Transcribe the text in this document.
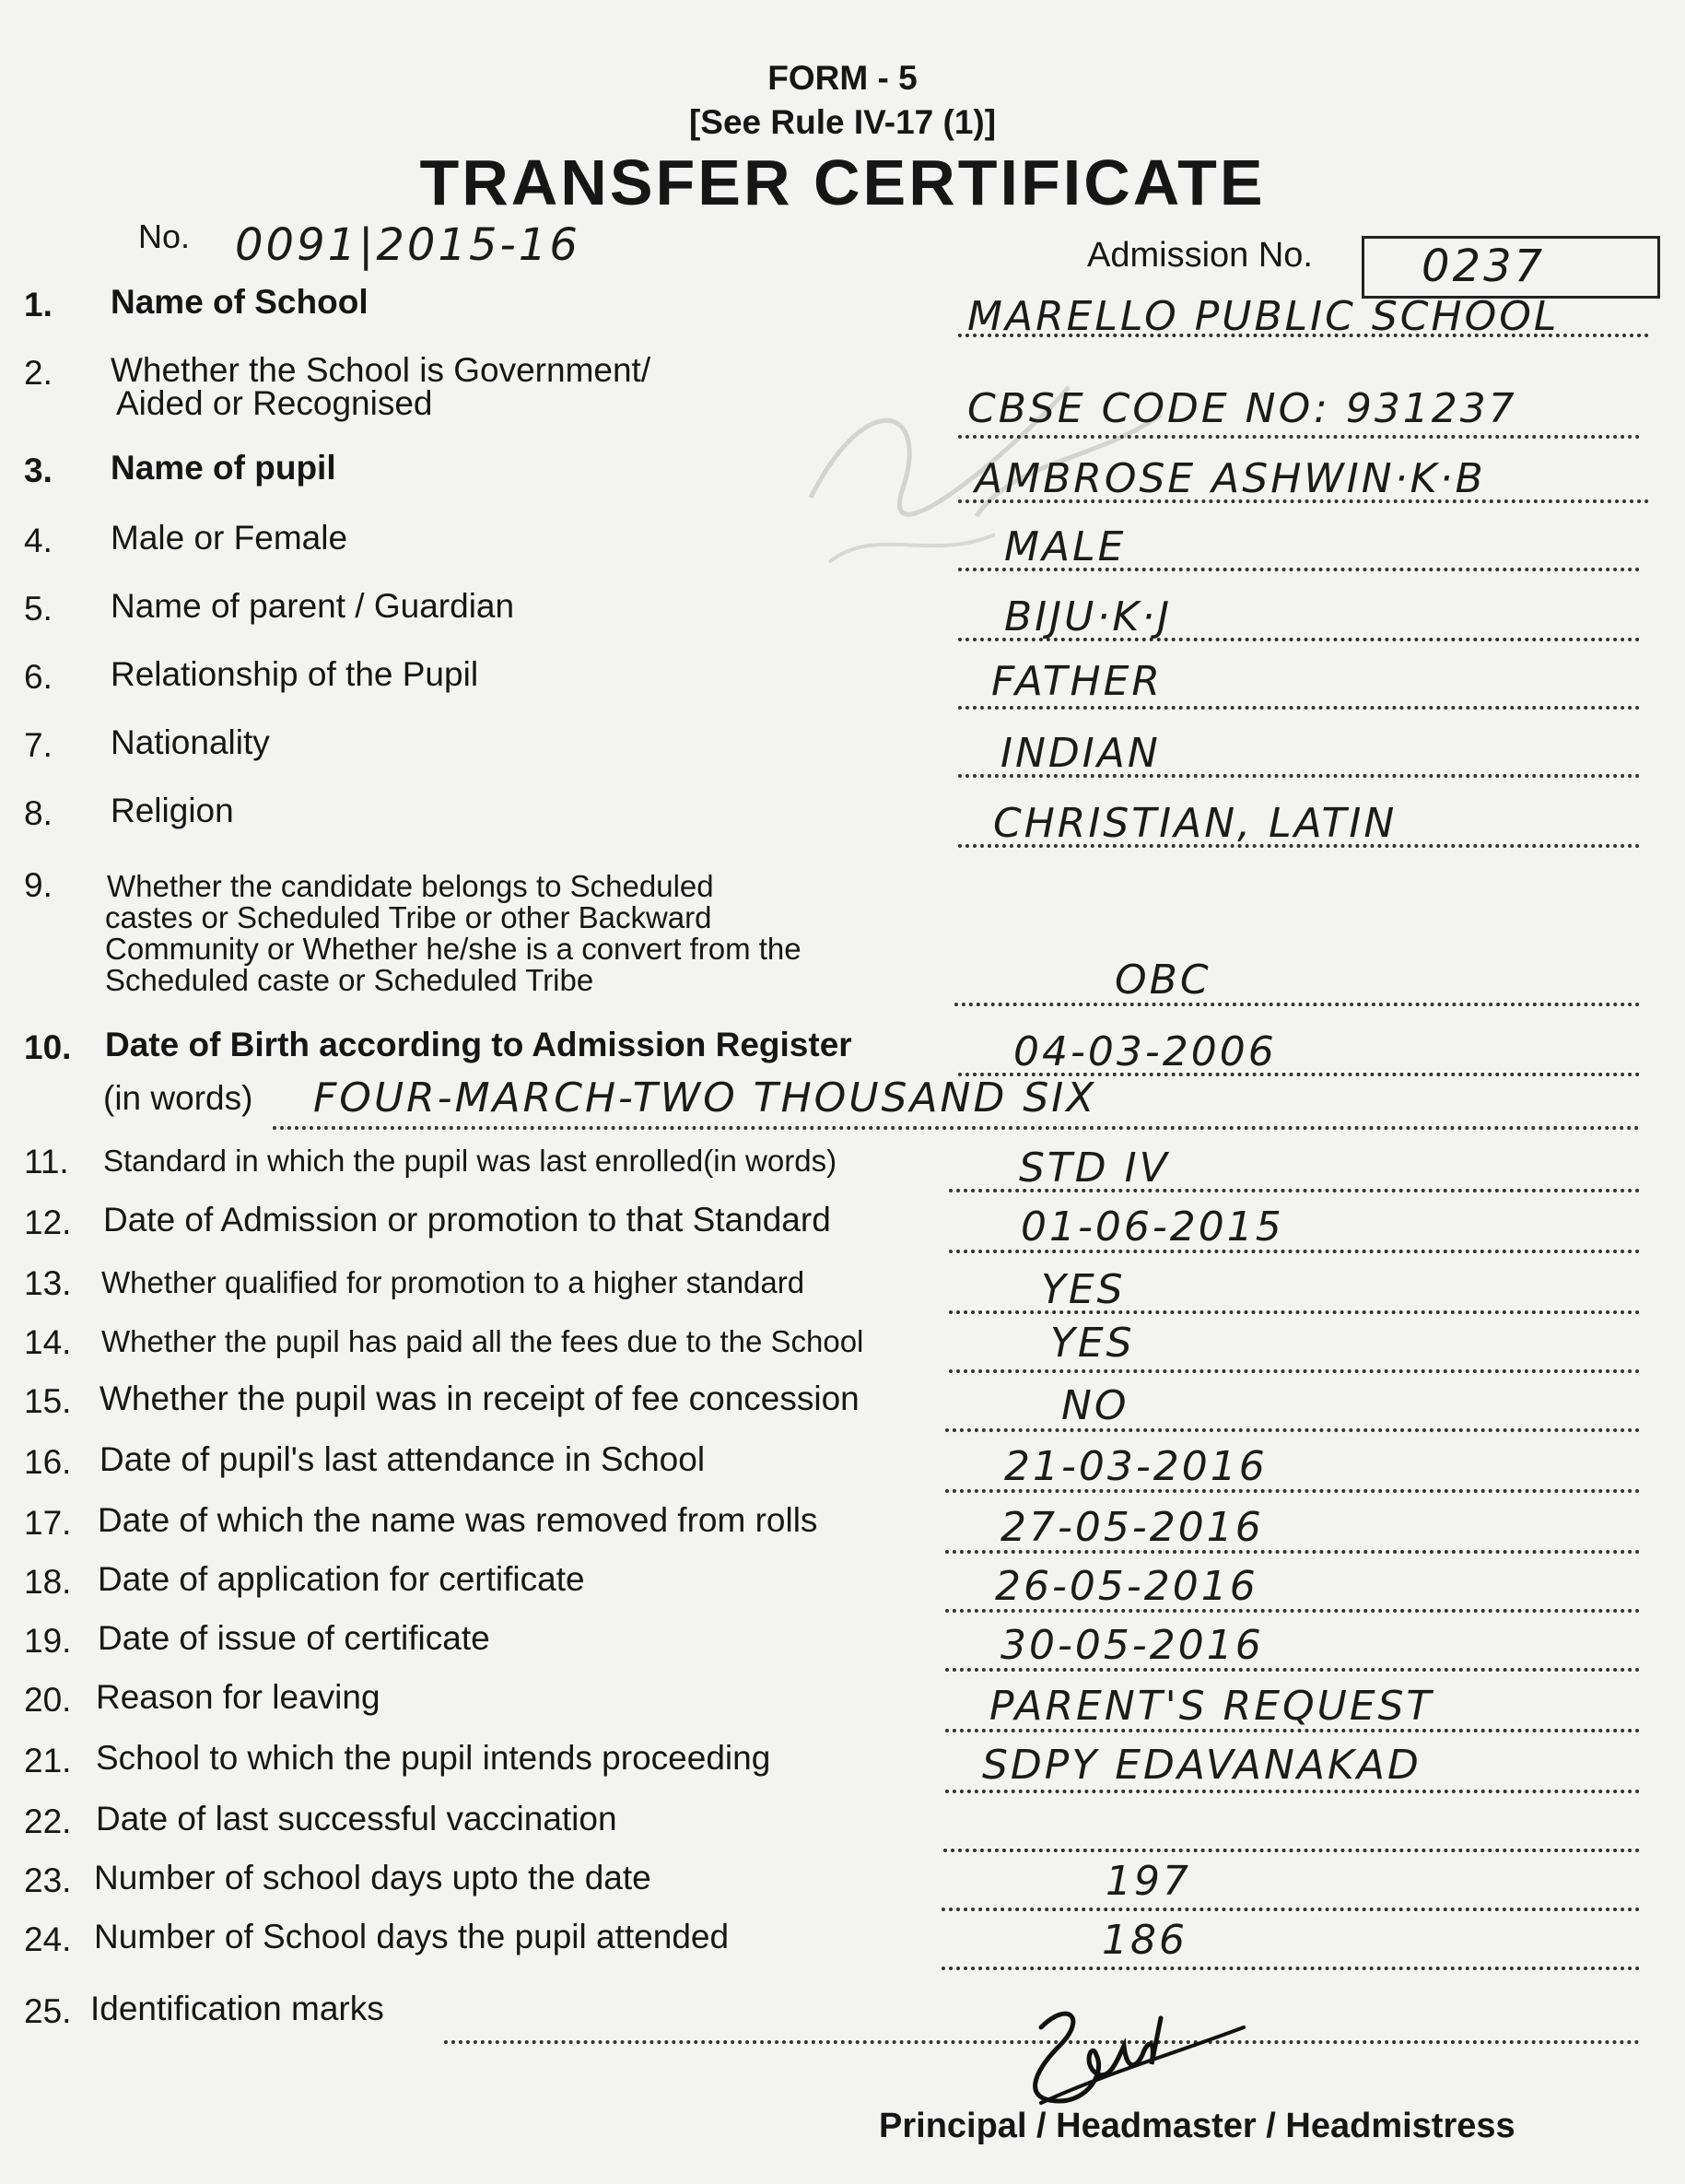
FORM - 5
[See Rule IV-17 (1)]
TRANSFER CERTIFICATE
No. 0091|2015-16	Admission No. 0237
1. Name of School	MARELLO PUBLIC SCHOOL
2. Whether the School is Government/
Aided or Recognised	CBSE CODE NO: 931237
3. Name of pupil	AMBROSE ASHWIN·K·B
4. Male or Female	MALE
5. Name of parent / Guardian	BIJU·K·J
6. Relationship of the Pupil	FATHER
7. Nationality	INDIAN
8. Religion	CHRISTIAN, LATIN
9. Whether the candidate belongs to Scheduled
castes or Scheduled Tribe or other Backward
Community or Whether he/she is a convert from the
Scheduled caste or Scheduled Tribe	OBC
10. Date of Birth according to Admission Register	04-03-2006
(in words) FOUR-MARCH-TWO THOUSAND SIX
11. Standard in which the pupil was last enrolled(in words)	STD IV
12. Date of Admission or promotion to that Standard	01-06-2015
13. Whether qualified for promotion to a higher standard	YES
14. Whether the pupil has paid all the fees due to the School	YES
15. Whether the pupil was in receipt of fee concession	NO
16. Date of pupil's last attendance in School	21-03-2016
17. Date of which the name was removed from rolls	27-05-2016
18. Date of application for certificate	26-05-2016
19. Date of issue of certificate	30-05-2016
20. Reason for leaving	PARENT'S REQUEST
21. School to which the pupil intends proceeding	SDPY EDAVANAKAD
22. Date of last successful vaccination
23. Number of school days upto the date	197
24. Number of School days the pupil attended	186
25. Identification marks
Principal / Headmaster / Headmistress
